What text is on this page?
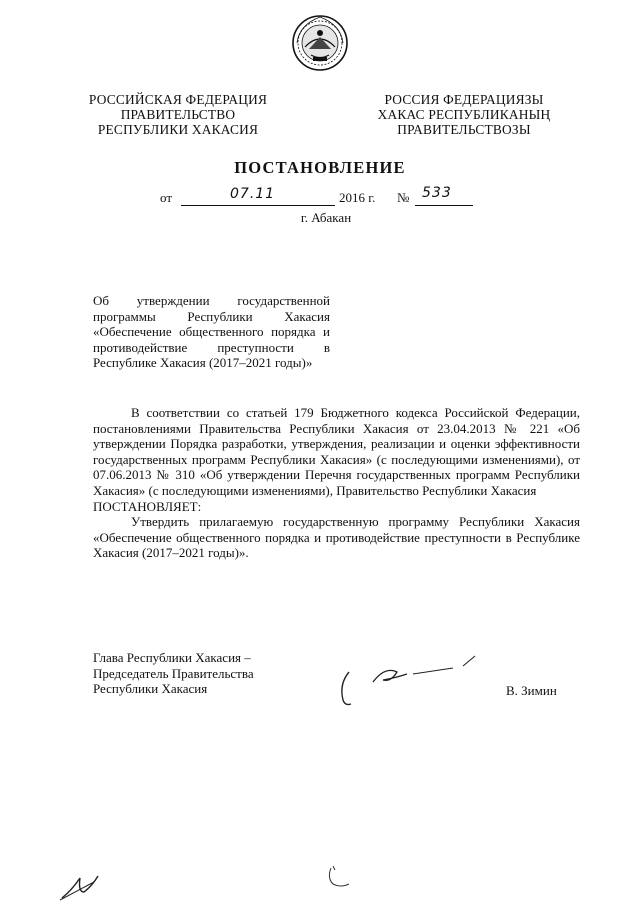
РОССИЙСКАЯ ФЕДЕРАЦИЯ
ПРАВИТЕЛЬСТВО
РЕСПУБЛИКИ ХАКАСИЯ
РОССИЯ ФЕДЕРАЦИЯЗЫ
ХАКАС РЕСПУБЛИКАНЫҢ
ПРАВИТЕЛЬСТВОЗЫ
ПОСТАНОВЛЕНИЕ
от	07.11	2016 г. № 533
г. Абакан
Об утверждении государственной программы Республики Хакасия «Обеспечение общественного порядка и противодействие преступности в Республике Хакасия (2017–2021 годы)»

В соответствии со статьей 179 Бюджетного кодекса Российской Федерации, постановлениями Правительства Республики Хакасия от 23.04.2013 № 221 «Об утверждении Порядка разработки, утверждения, реализации и оценки эффективности государственных программ Республики Хакасия» (с последующими изменениями), от 07.06.2013 № 310 «Об утверждении Перечня государственных программ Республики Хакасия» (с последующими изменениями), Правительство Республики Хакасия

ПОСТАНОВЛЯЕТ:

Утвердить прилагаемую государственную программу Республики Хакасия «Обеспечение общественного порядка и противодействие преступности в Республике Хакасия (2017–2021 годы)».

Глава Республики Хакасия –
Председатель Правительства
Республики Хакасия	В. Зимин
